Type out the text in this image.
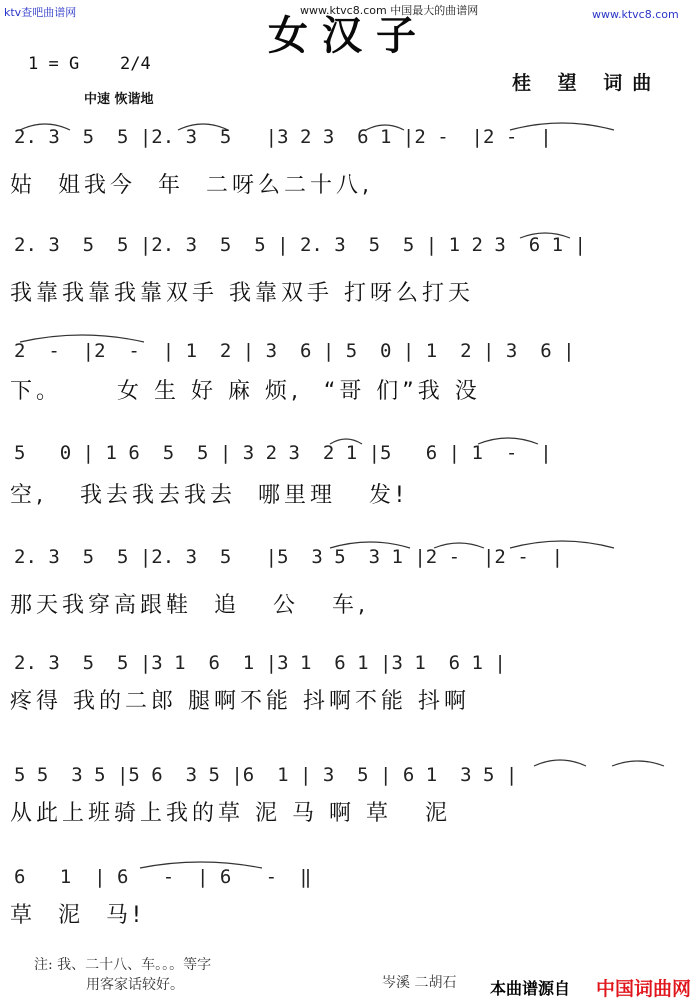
ktv查吧曲谱网	www.ktvc8.com 中国最大的曲谱网	www.ktvc8.com
女汉子
1 = G 2/4
中速 恢谐地
桂 望 词曲
2. 3  5  5 |2. 3  5   |3 2 3  6 1 |2 -  |2 -  |
姑  姐我今  年  二呀么二十八,
2. 3  5  5 |2. 3  5  5 | 2. 3  5  5 | 1 2 3  6 1 |
我靠我靠我靠双手 我靠双手 打呀么打天
2  -  |2  -  | 1  2 | 3  6 | 5  0 | 1  2 | 3  6 |
下。     女 生 好 麻 烦,  “哥 们”我 没
5   0 | 1 6  5  5 | 3 2 3  2 1 |5   6 | 1  -  |
空,   我去我去我去  哪里理   发!
2. 3  5  5 |2. 3  5   |5  3 5  3 1 |2 -  |2 -  |
那天我穿高跟鞋  追   公   车,
2. 3  5  5 |3 1  6  1 |3 1  6 1 |3 1  6 1 |
疼得 我的二郎 腿啊不能 抖啊不能 抖啊
5 5  3 5 |5 6  3 5 |6  1 | 3  5 | 6 1  3 5 |
从此上班骑上我的草 泥 马 啊 草   泥
6   1  | 6   -  | 6   -  ‖
草  泥  马!
注: 我、二十八、车。。。等字
用客家话较好。	岑溪 二胡石 本曲谱源自 中国词曲网
